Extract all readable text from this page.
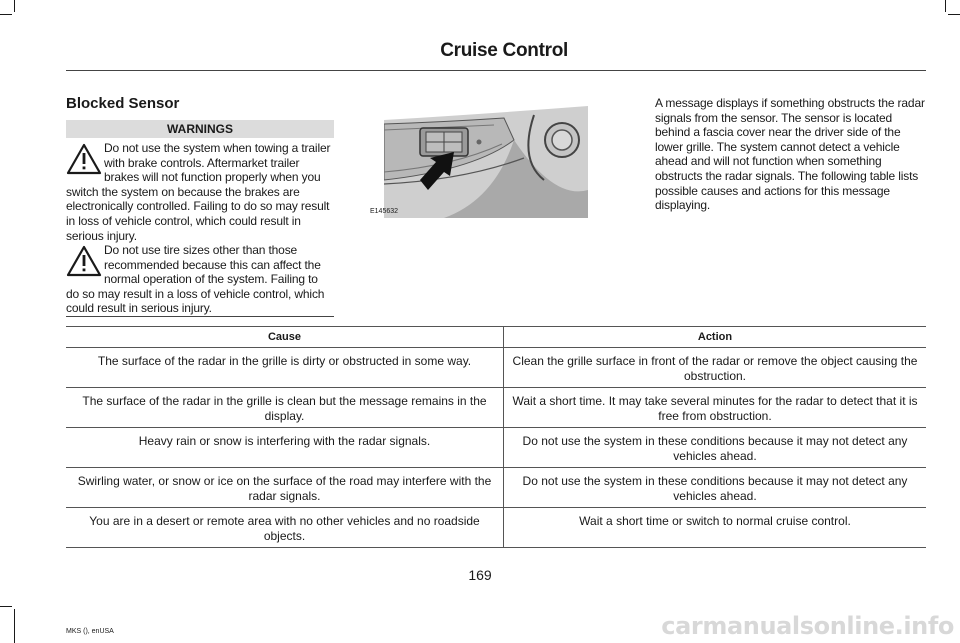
Cruise Control
Blocked Sensor
WARNINGS
Do not use the system when towing a trailer with brake controls. Aftermarket trailer brakes will not function properly when you switch the system on because the brakes are electronically controlled. Failing to do so may result in loss of vehicle control, which could result in serious injury.
Do not use tire sizes other than those recommended because this can affect the normal operation of the system. Failing to do so may result in a loss of vehicle control, which could result in serious injury.
E145632
A message displays if something obstructs the radar signals from the sensor. The sensor is located behind a fascia cover near the driver side of the lower grille. The system cannot detect a vehicle ahead and will not function when something obstructs the radar signals. The following table lists possible causes and actions for this message displaying.
Cause	Action
The surface of the radar in the grille is dirty or obstructed in some way.	Clean the grille surface in front of the radar or remove the object causing the obstruction.
The surface of the radar in the grille is clean but the message remains in the display.	Wait a short time. It may take several minutes for the radar to detect that it is free from obstruction.
Heavy rain or snow is interfering with the radar signals.	Do not use the system in these conditions because it may not detect any vehicles ahead.
Swirling water, or snow or ice on the surface of the road may interfere with the radar signals.	Do not use the system in these conditions because it may not detect any vehicles ahead.
You are in a desert or remote area with no other vehicles and no roadside objects.	Wait a short time or switch to normal cruise control.
169
MKS (), enUSA	carmanualsonline.info
